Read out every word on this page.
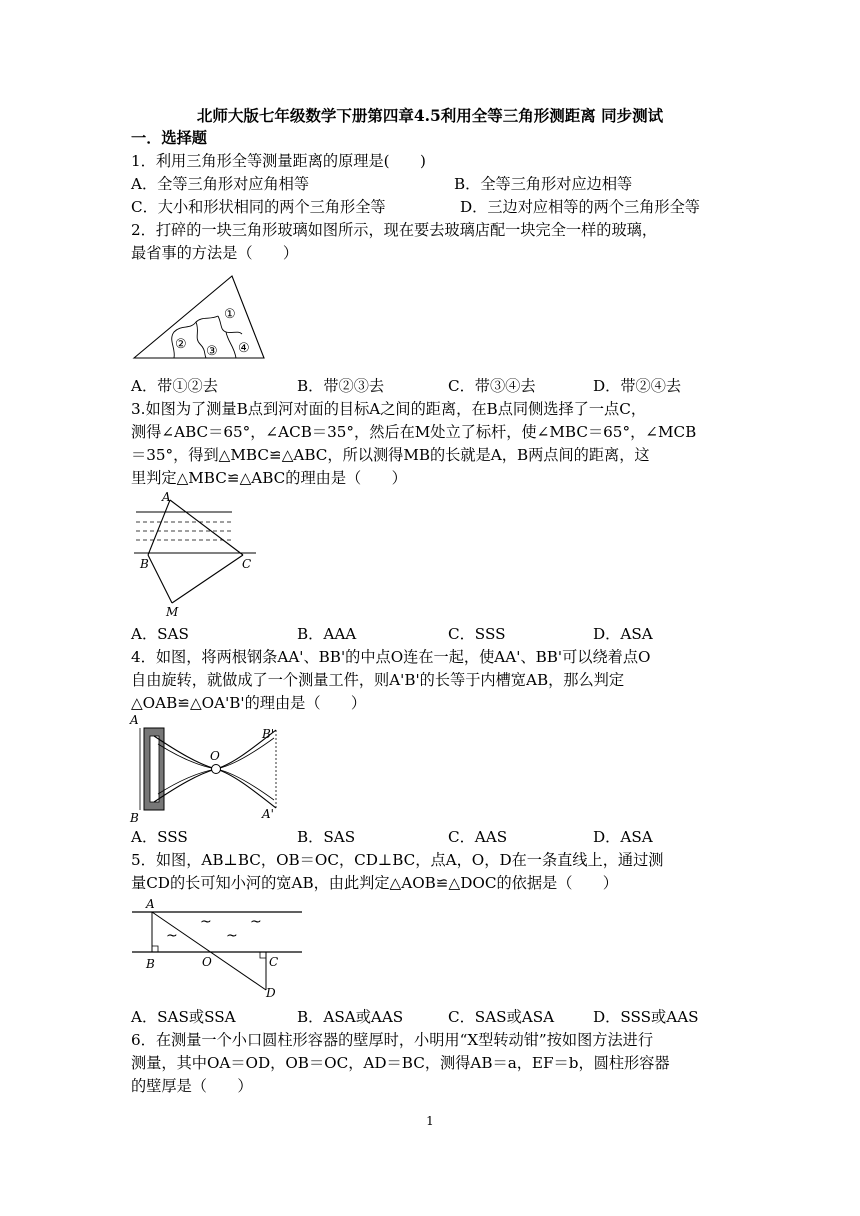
北师大版七年级数学下册第四章4.5利用全等三角形测距离 同步测试
一．选择题
1．利用三角形全等测量距离的原理是(　　)
A．全等三角形对应角相等	B．全等三角形对应边相等
C．大小和形状相同的两个三角形全等	D．三边对应相等的两个三角形全等
2．打碎的一块三角形玻璃如图所示，现在要去玻璃店配一块完全一样的玻璃，
最省事的方法是（　　）
①
② ③ ④
A．带①②去	B．带②③去	C．带③④去	D．带②④去
3.如图为了测量B点到河对面的目标A之间的距离，在B点同侧选择了一点C，
测得∠ABC＝65°，∠ACB＝35°，然后在M处立了标杆，使∠MBC＝65°，∠MCB
＝35°，得到△MBC≌△ABC，所以测得MB的长就是A，B两点间的距离，这
里判定△MBC≌△ABC的理由是（　　）
A
B	C
M
A．SAS	B．AAA	C．SSS	D．ASA
4．如图，将两根钢条AA'、BB'的中点O连在一起，使AA'、BB'可以绕着点O
自由旋转，就做成了一个测量工件，则A'B'的长等于内槽宽AB，那么判定
△OAB≌△OA'B'的理由是（　　）
A
B
O
A'
B'
A．SSS	B．SAS	C．AAS	D．ASA
5．如图，AB⊥BC，OB＝OC，CD⊥BC，点A，O，D在一条直线上，通过测
量CD的长可知小河的宽AB，由此判定△AOB≌△DOC的依据是（　　）
~	~
~	~
A
B	O	C
D
A．SAS或SSA	B．ASA或AAS	C．SAS或ASA	D．SSS或AAS
6．在测量一个小口圆柱形容器的壁厚时，小明用“X型转动钳”按如图方法进行
测量，其中OA＝OD，OB＝OC，AD＝BC，测得AB＝a，EF＝b，圆柱形容器
的壁厚是（　　）
1
